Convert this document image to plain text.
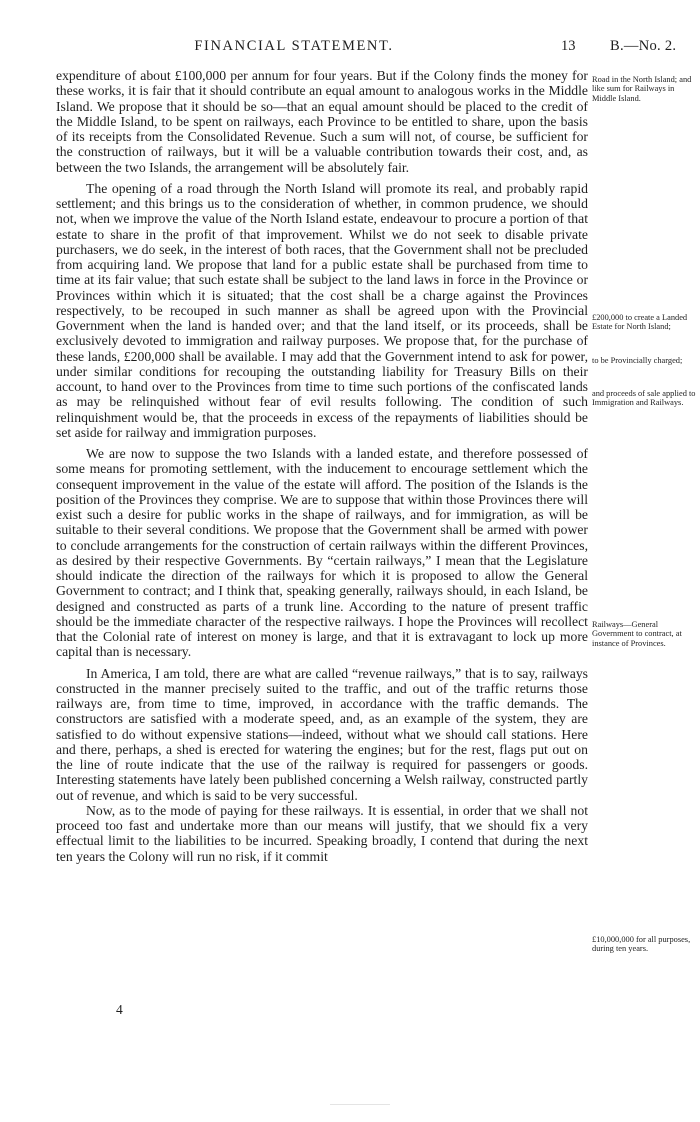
FINANCIAL STATEMENT.	13 B.—No. 2.

expenditure of about £100,000 per annum for four years. But if the Colony finds the money for these works, it is fair that it should contribute an equal amount to analogous works in the Middle Island. We propose that it should be so—that an equal amount should be placed to the credit of the Middle Island, to be spent on railways, each Province to be entitled to share, upon the basis of its receipts from the Consolidated Revenue. Such a sum will not, of course, be sufficient for the construction of railways, but it will be a valuable contribution towards their cost, and, as between the two Islands, the arrangement will be absolutely fair.

The opening of a road through the North Island will promote its real, and probably rapid settlement; and this brings us to the consideration of whether, in common prudence, we should not, when we improve the value of the North Island estate, endeavour to procure a portion of that estate to share in the profit of that improvement. Whilst we do not seek to disable private purchasers, we do seek, in the interest of both races, that the Government shall not be precluded from acquiring land. We propose that land for a public estate shall be purchased from time to time at its fair value; that such estate shall be subject to the land laws in force in the Province or Provinces within which it is situated; that the cost shall be a charge against the Provinces respectively, to be recouped in such manner as shall be agreed upon with the Provincial Government when the land is handed over; and that the land itself, or its proceeds, shall be exclusively devoted to immigration and railway purposes. We propose that, for the purchase of these lands, £200,000 shall be available. I may add that the Government intend to ask for power, under similar conditions for recouping the outstanding liability for Treasury Bills on their account, to hand over to the Provinces from time to time such portions of the confiscated lands as may be relinquished without fear of evil results following. The condition of such relinquishment would be, that the proceeds in excess of the repayments of liabilities should be set aside for railway and immigration purposes.

We are now to suppose the two Islands with a landed estate, and therefore possessed of some means for promoting settlement, with the inducement to encourage settlement which the consequent improvement in the value of the estate will afford. The position of the Islands is the position of the Provinces they comprise. We are to suppose that within those Provinces there will exist such a desire for public works in the shape of railways, and for immigration, as will be suitable to their several conditions. We propose that the Government shall be armed with power to conclude arrangements for the construction of certain railways within the different Provinces, as desired by their respective Governments. By “certain railways,” I mean that the Legislature should indicate the direction of the railways for which it is proposed to allow the General Government to contract; and I think that, speaking generally, railways should, in each Island, be designed and constructed as parts of a trunk line. According to the nature of present traffic should be the immediate character of the respective railways. I hope the Provinces will recollect that the Colonial rate of interest on money is large, and that it is extravagant to lock up more capital than is necessary.

In America, I am told, there are what are called “revenue railways,” that is to say, railways constructed in the manner precisely suited to the traffic, and out of the traffic returns those railways are, from time to time, improved, in accordance with the traffic demands. The constructors are satisfied with a moderate speed, and, as an example of the system, they are satisfied to do without expensive stations—indeed, without what we should call stations. Here and there, perhaps, a shed is erected for watering the engines; but for the rest, flags put out on the line of route indicate that the use of the railway is required for passengers or goods. Interesting statements have lately been published concerning a Welsh railway, constructed partly out of revenue, and which is said to be very successful.

Now, as to the mode of paying for these railways. It is essential, in order that we shall not proceed too fast and undertake more than our means will justify, that we should fix a very effectual limit to the liabilities to be incurred. Speaking broadly, I contend that during the next ten years the Colony will run no risk, if it commit

Road in the North Island; and like sum for Railways in Middle Island.
£200,000 to create a Landed Estate for North Island;
to be Provincially charged;
and proceeds of sale applied to Immigration and Railways.
Railways—General Government to contract, at instance of Provinces.
£10,000,000 for all purposes, during ten years.
4
